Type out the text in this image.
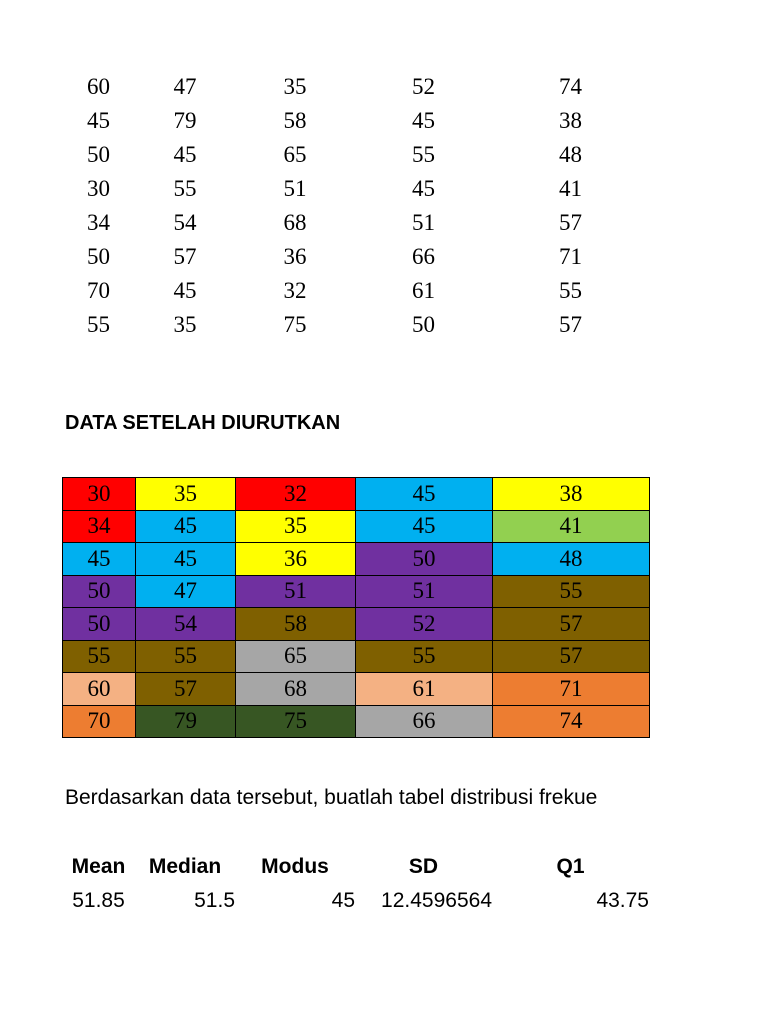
60	47	35	52	74
45	79	58	45	38
50	45	65	55	48
30	55	51	45	41
34	54	68	51	57
50	57	36	66	71
70	45	32	61	55
55	35	75	50	57
DATA SETELAH DIURUTKAN
30	35	32	45	38
34	45	35	45	41
45	45	36	50	48
50	47	51	51	55
50	54	58	52	57
55	55	65	55	57
60	57	68	61	71
70	79	75	66	74
Berdasarkan data tersebut, buatlah tabel distribusi frekue
Mean	Median	Modus	SD	Q1
51.85	51.5	45	12.4596564	43.75
